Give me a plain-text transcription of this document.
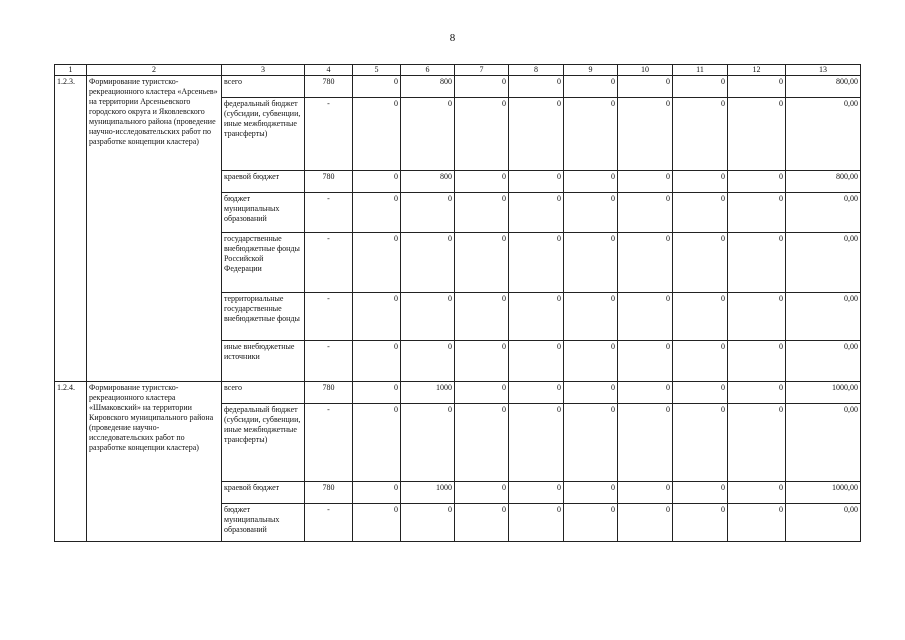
8
1	2	3	4	5	6	7	8	9	10	11	12	13
1.2.3.	Формирование туристско-рекреационного кластера «Арсеньев» на территории Арсеньевского городского округа и Яковлевского муниципального района (проведение научно-исследовательских работ по разработке концепции кластера)	всего	780	0	800	0	0	0	0	0	0	800,00
		федеральный бюджет (субсидии, субвенции, иные межбюджетные трансферты)	-	0	0	0	0	0	0	0	0	0,00
		краевой бюджет	780	0	800	0	0	0	0	0	0	800,00
		бюджет муниципальных образований	-	0	0	0	0	0	0	0	0	0,00
		государственные внебюджетные фонды Российской Федерации	-	0	0	0	0	0	0	0	0	0,00
		территориальные государственные внебюджетные фонды	-	0	0	0	0	0	0	0	0	0,00
		иные внебюджетные источники	-	0	0	0	0	0	0	0	0	0,00
1.2.4.	Формирование туристско-рекреационного кластера «Шмаковский» на территории Кировского муниципального района (проведение научно-исследовательских работ по разработке концепции кластера)	всего	780	0	1000	0	0	0	0	0	0	1000,00
		федеральный бюджет (субсидии, субвенции, иные межбюджетные трансферты)	-	0	0	0	0	0	0	0	0	0,00
		краевой бюджет	780	0	1000	0	0	0	0	0	0	1000,00
		бюджет муниципальных образований	-	0	0	0	0	0	0	0	0	0,00
